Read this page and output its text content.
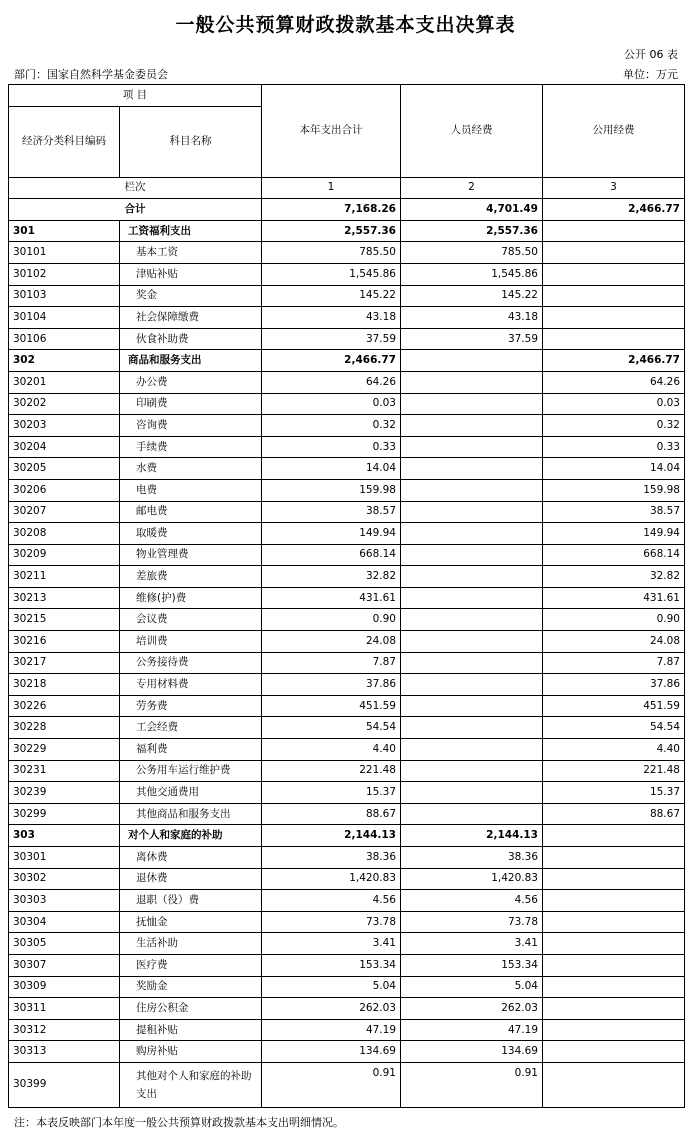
一般公共预算财政拨款基本支出决算表
公开 06 表
部门：国家自然科学基金委员会	单位：万元
项 目		本年支出合计	人员经费	公用经费
经济分类科目编码	科目名称			
栏次		1	2	3
合计		7,168.26	4,701.49	2,466.77
301	工资福利支出	2,557.36	2,557.36	
30101	基本工资	785.50	785.50	
30102	津贴补贴	1,545.86	1,545.86	
30103	奖金	145.22	145.22	
30104	社会保障缴费	43.18	43.18	
30106	伙食补助费	37.59	37.59	
302	商品和服务支出	2,466.77		2,466.77
30201	办公费	64.26		64.26
30202	印刷费	0.03		0.03
30203	咨询费	0.32		0.32
30204	手续费	0.33		0.33
30205	水费	14.04		14.04
30206	电费	159.98		159.98
30207	邮电费	38.57		38.57
30208	取暖费	149.94		149.94
30209	物业管理费	668.14		668.14
30211	差旅费	32.82		32.82
30213	维修(护)费	431.61		431.61
30215	会议费	0.90		0.90
30216	培训费	24.08		24.08
30217	公务接待费	7.87		7.87
30218	专用材料费	37.86		37.86
30226	劳务费	451.59		451.59
30228	工会经费	54.54		54.54
30229	福利费	4.40		4.40
30231	公务用车运行维护费	221.48		221.48
30239	其他交通费用	15.37		15.37
30299	其他商品和服务支出	88.67		88.67
303	对个人和家庭的补助	2,144.13	2,144.13	
30301	离休费	38.36	38.36	
30302	退休费	1,420.83	1,420.83	
30303	退职（役）费	4.56	4.56	
30304	抚恤金	73.78	73.78	
30305	生活补助	3.41	3.41	
30307	医疗费	153.34	153.34	
30309	奖励金	5.04	5.04	
30311	住房公积金	262.03	262.03	
30312	提租补贴	47.19	47.19	
30313	购房补贴	134.69	134.69	
30399	其他对个人和家庭的补助支出	0.91	0.91	
注：本表反映部门本年度一般公共预算财政拨款基本支出明细情况。
